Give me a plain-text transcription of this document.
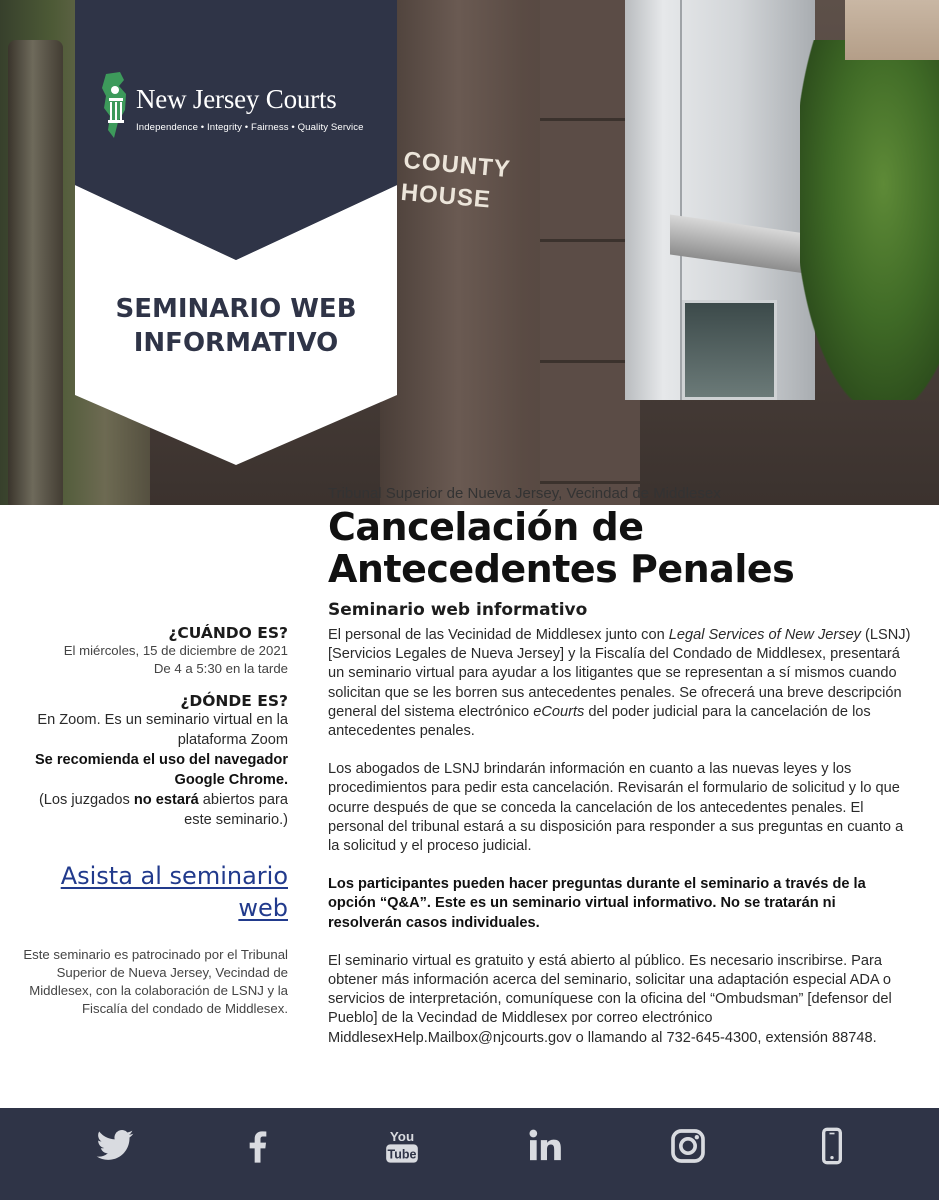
COUNTY HOUSE
New Jersey Courts
Independence • Integrity • Fairness • Quality Service
SEMINARIO WEB INFORMATIVO
Tribunal Superior de Nueva Jersey, Vecindad de Middlesex
Cancelación de Antecedentes Penales
Seminario web informativo

El personal de las Vecinidad de Middlesex junto con Legal Services of New Jersey (LSNJ) [Servicios Legales de Nueva Jersey] y la Fiscalía del Condado de Middlesex, presentará un seminario virtual para ayudar a los litigantes que se representan a sí mismos cuando solicitan que se les borren sus antecedentes penales. Se ofrecerá una breve descripción general del sistema electrónico eCourts del poder judicial para la cancelación de los antecedentes penales.

Los abogados de LSNJ brindarán información en cuanto a las nuevas leyes y los procedimientos para pedir esta cancelación. Revisarán el formulario de solicitud y lo que ocurre después de que se conceda la cancelación de los antecedentes penales. El personal del tribunal estará a su disposición para responder a sus preguntas en cuanto a la solicitud y el proceso judicial.

Los participantes pueden hacer preguntas durante el seminario a través de la opción “Q&A”. Este es un seminario virtual informativo. No se tratarán ni resolverán casos individuales.

El seminario virtual es gratuito y está abierto al público. Es necesario inscribirse. Para obtener más información acerca del seminario, solicitar una adaptación especial ADA o servicios de interpretación, comuníquese con la oficina del “Ombudsman” [defensor del Pueblo] de la Vecindad de Middlesex por correo electrónico MiddlesexHelp.Mailbox@njcourts.gov o llamando al 732-645-4300, extensión 88748.

¿CUÁNDO ES?
El miércoles, 15 de diciembre de 2021
De 4 a 5:30 en la tarde
¿DÓNDE ES?
En Zoom. Es un seminario virtual en la plataforma Zoom
Se recomienda el uso del navegador Google Chrome.
(Los juzgados no estará abiertos para este seminario.)
Asista al seminario web
Este seminario es patrocinado por el Tribunal Superior de Nueva Jersey, Vecindad de Middlesex, con la colaboración de LSNJ y la Fiscalía del condado de Middlesex.
You
Tube
